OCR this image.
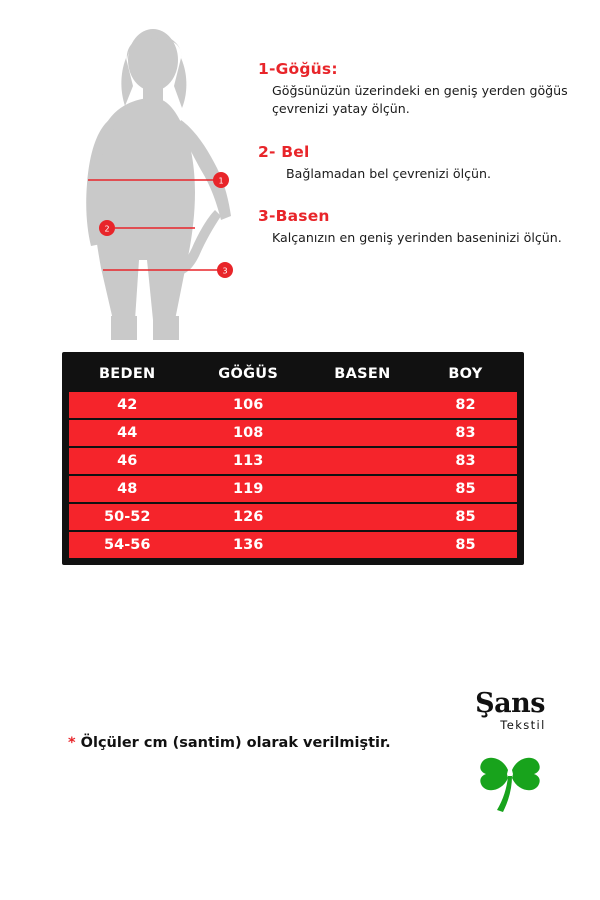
1
2
3
1-Göğüs:

Göğsünüzün üzerindeki en geniş yerden göğüs çevrenizi yatay ölçün.

2- Bel

Bağlamadan bel çevrenizi ölçün.

3-Basen

Kalçanızın en geniş yerinden baseninizi ölçün.

BEDEN	GÖĞÜS	BASEN	BOY
42	106		82
44	108		83
46	113		83
48	119		85
50-52	126		85
54-56	136		85
* Ölçüler cm (santim) olarak verilmiştir.
Şans
Tekstil
